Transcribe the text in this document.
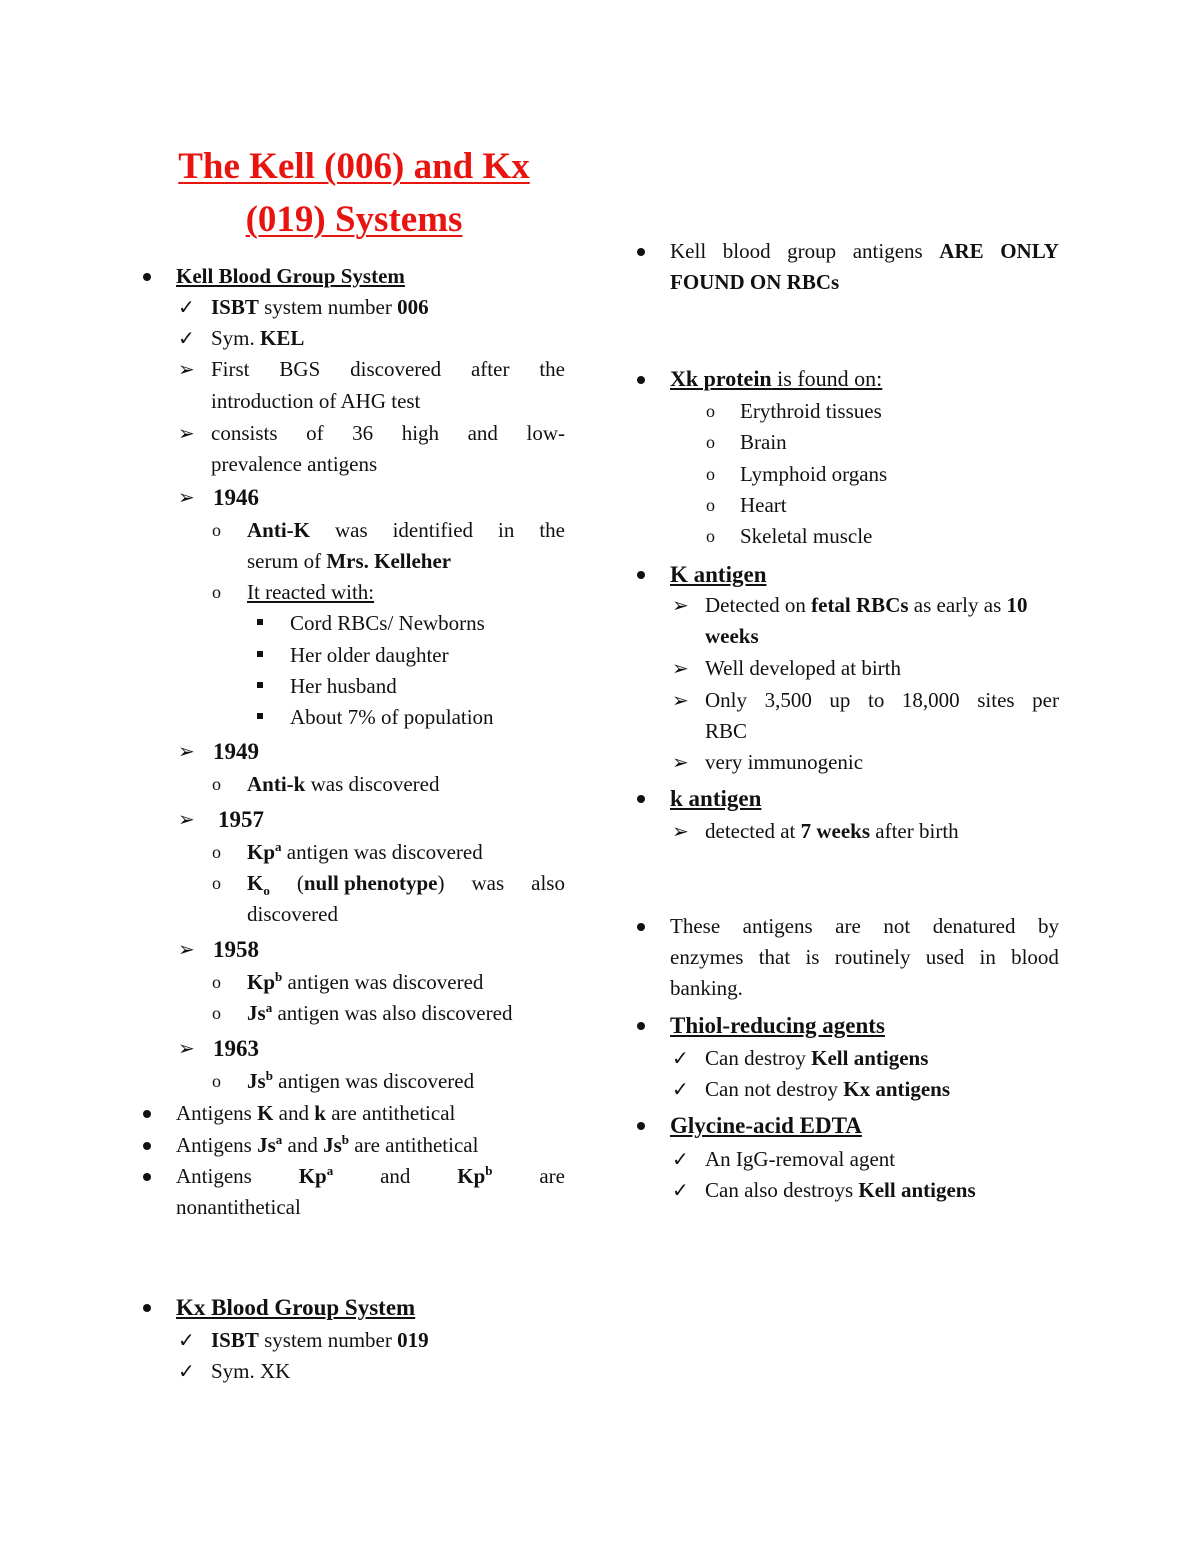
The Kell (006) and Kx
(019) Systems
Kell Blood Group System
✓ ISBT system number 006
✓ Sym. KEL
➢ First BGS discovered after the
introduction of AHG test
➢ consists of 36 high and low-
prevalence antigens
➢ 1946
o Anti-K was identified in the
serum of Mrs. Kelleher
o It reacted with:
Cord RBCs/ Newborns
Her older daughter
Her husband
About 7% of population
➢ 1949
o Anti-k was discovered
➢ 1957
o Kp$^a$ antigen was discovered
o $K_o$ (null phenotype) was also
discovered
➢ 1958
o Kp$^b$ antigen was discovered
o Js$^a$ antigen was also discovered
➢ 1963
o Js$^b$ antigen was discovered
Antigens K and k are antithetical
Antigens Js$^a$ and Js$^b$ are antithetical
Antigens Kp$^a$ and Kp$^b$ are
nonantithetical
Kx Blood Group System
✓ ISBT system number 019
✓ Sym. XK
Kell blood group antigens ARE ONLY
FOUND ON RBCs
Xk protein is found on:
o Erythroid tissues
o Brain
o Lymphoid organs
o Heart
o Skeletal muscle
K antigen
➢ Detected on fetal RBCs as early as 10
weeks
➢ Well developed at birth
➢ Only 3,500 up to 18,000 sites per
RBC
➢ very immunogenic
k antigen
➢ detected at 7 weeks after birth
These antigens are not denatured by
enzymes that is routinely used in blood
banking.
Thiol-reducing agents
✓ Can destroy Kell antigens
✓ Can not destroy Kx antigens
Glycine-acid EDTA
✓ An IgG-removal agent
✓ Can also destroys Kell antigens
